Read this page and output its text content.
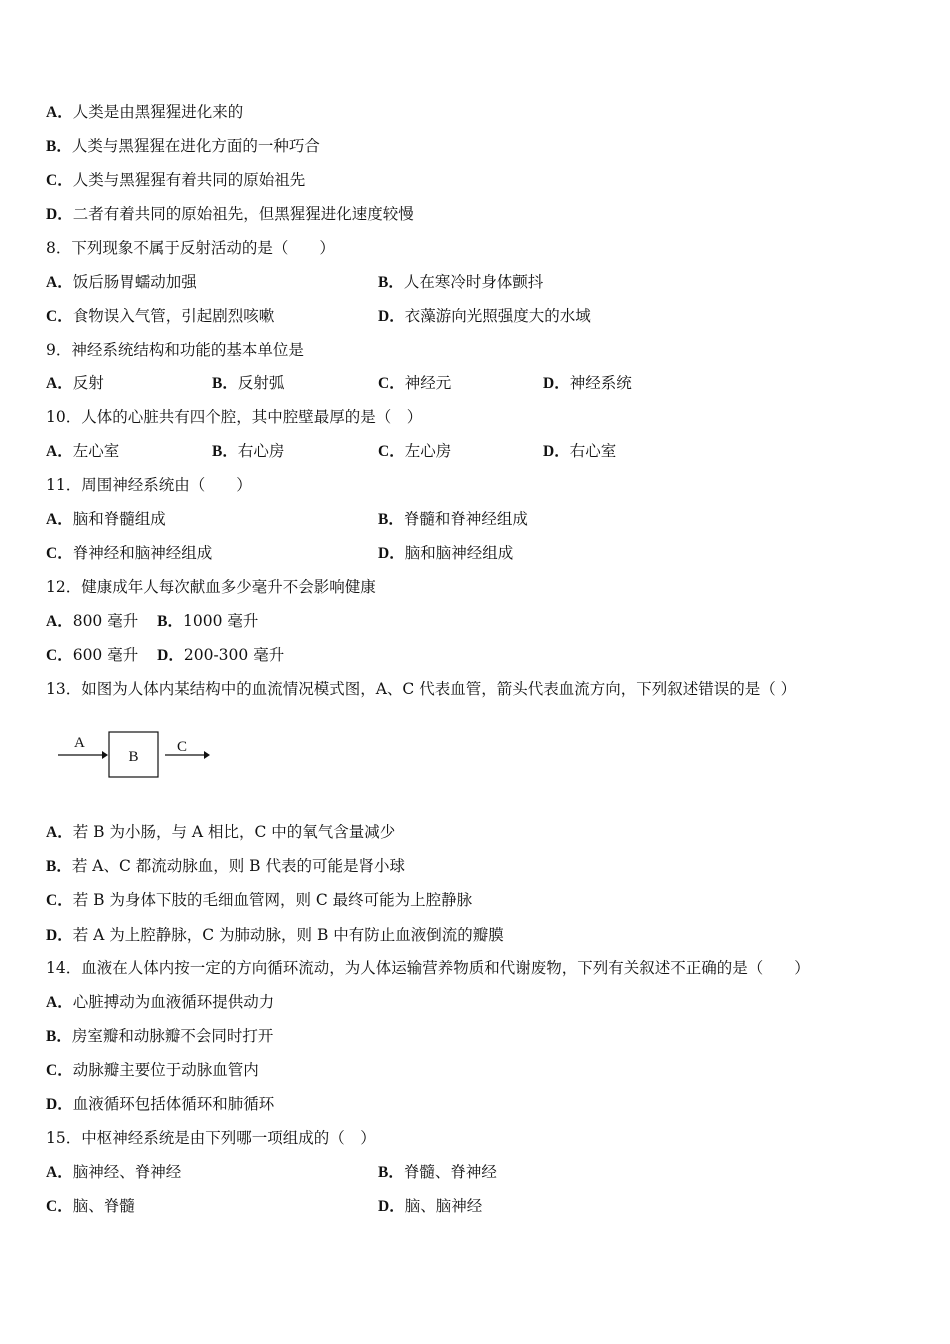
A．人类是由黑猩猩进化来的
B．人类与黑猩猩在进化方面的一种巧合
C．人类与黑猩猩有着共同的原始祖先
D．二者有着共同的原始祖先，但黑猩猩进化速度较慢
8．下列现象不属于反射活动的是（　　）
A．饭后肠胃蠕动加强	B．人在寒冷时身体颤抖
C．食物误入气管，引起剧烈咳嗽	D．衣藻游向光照强度大的水域
9．神经系统结构和功能的基本单位是
A．反射	B．反射弧	C．神经元	D．神经系统
10．人体的心脏共有四个腔，其中腔壁最厚的是（　）
A．左心室	B．右心房	C．左心房	D．右心室
11．周围神经系统由（　　）
A．脑和脊髓组成	B．脊髓和脊神经组成
C．脊神经和脑神经组成	D．脑和脑神经组成
12．健康成年人每次献血多少毫升不会影响健康
A．800 毫升 B．1000 毫升
C．600 毫升 D．200-300 毫升
13．如图为人体内某结构中的血流情况模式图，A、C 代表血管，箭头代表血流方向，下列叙述错误的是（ ）
A
B
C
A．若 B 为小肠，与 A 相比，C 中的氧气含量减少
B．若 A、C 都流动脉血，则 B 代表的可能是肾小球
C．若 B 为身体下肢的毛细血管网，则 C 最终可能为上腔静脉
D．若 A 为上腔静脉，C 为肺动脉，则 B 中有防止血液倒流的瓣膜
14．血液在人体内按一定的方向循环流动，为人体运输营养物质和代谢废物，下列有关叙述不正确的是（　　）
A．心脏搏动为血液循环提供动力
B．房室瓣和动脉瓣不会同时打开
C．动脉瓣主要位于动脉血管内
D．血液循环包括体循环和肺循环
15．中枢神经系统是由下列哪一项组成的（　）
A．脑神经、脊神经	B．脊髓、脊神经
C．脑、脊髓	D．脑、脑神经
